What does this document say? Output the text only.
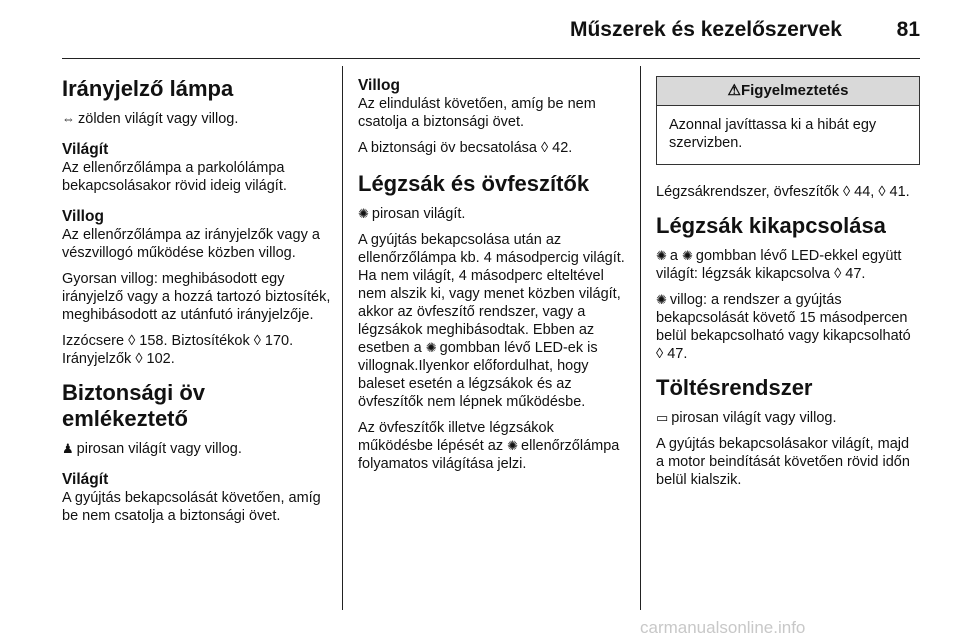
Műszerek és kezelőszervek	81
Irányjelző lámpa

⇔ zölden világít vagy villog.

Világít

Az ellenőrzőlámpa a parkolólámpa bekapcsolásakor rövid ideig világít.

Villog

Az ellenőrzőlámpa az irányjelzők vagy a vészvillogó működése közben villog.

Gyorsan villog: meghibásodott egy irányjelző vagy a hozzá tartozó biztosíték, meghibásodott az utánfutó irányjelzője.

Izzócsere ◊ 158. Biztosítékok ◊ 170. Irányjelzők ◊ 102.

Biztonsági öv emlékeztető

♟ pirosan világít vagy villog.

Világít

A gyújtás bekapcsolását követően, amíg be nem csatolja a biztonsági övet.

Villog

Az elindulást követően, amíg be nem csatolja a biztonsági övet.

A biztonsági öv becsatolása ◊ 42.

Légzsák és övfeszítők

✺ pirosan világít.

A gyújtás bekapcsolása után az ellenőrzőlámpa kb. 4 másodpercig világít. Ha nem világít, 4 másodperc elteltével nem alszik ki, vagy menet közben világít, akkor az övfeszítő rendszer, vagy a légzsákok meghibásodtak. Ebben az esetben a ✺ gombban lévő LED-ek is villognak.Ilyenkor előfordulhat, hogy baleset esetén a légzsákok és az övfeszítők nem lépnek működésbe.

Az övfeszítők illetve légzsákok működésbe lépését az ✺ ellenőrzőlámpa folyamatos világítása jelzi.

⚠Figyelmeztetés
Azonnal javíttassa ki a hibát egy szervizben.

Légzsákrendszer, övfeszítők ◊ 44, ◊ 41.

Légzsák kikapcsolása

✺ a ✺ gombban lévő LED-ekkel együtt világít: légzsák kikapcsolva ◊ 47.

✺ villog: a rendszer a gyújtás bekapcsolását követő 15 másodpercen belül bekapcsolható vagy kikapcsolható ◊ 47.

Töltésrendszer

▭ pirosan világít vagy villog.

A gyújtás bekapcsolásakor világít, majd a motor beindítását követően rövid időn belül kialszik.

carmanualsonline.info
